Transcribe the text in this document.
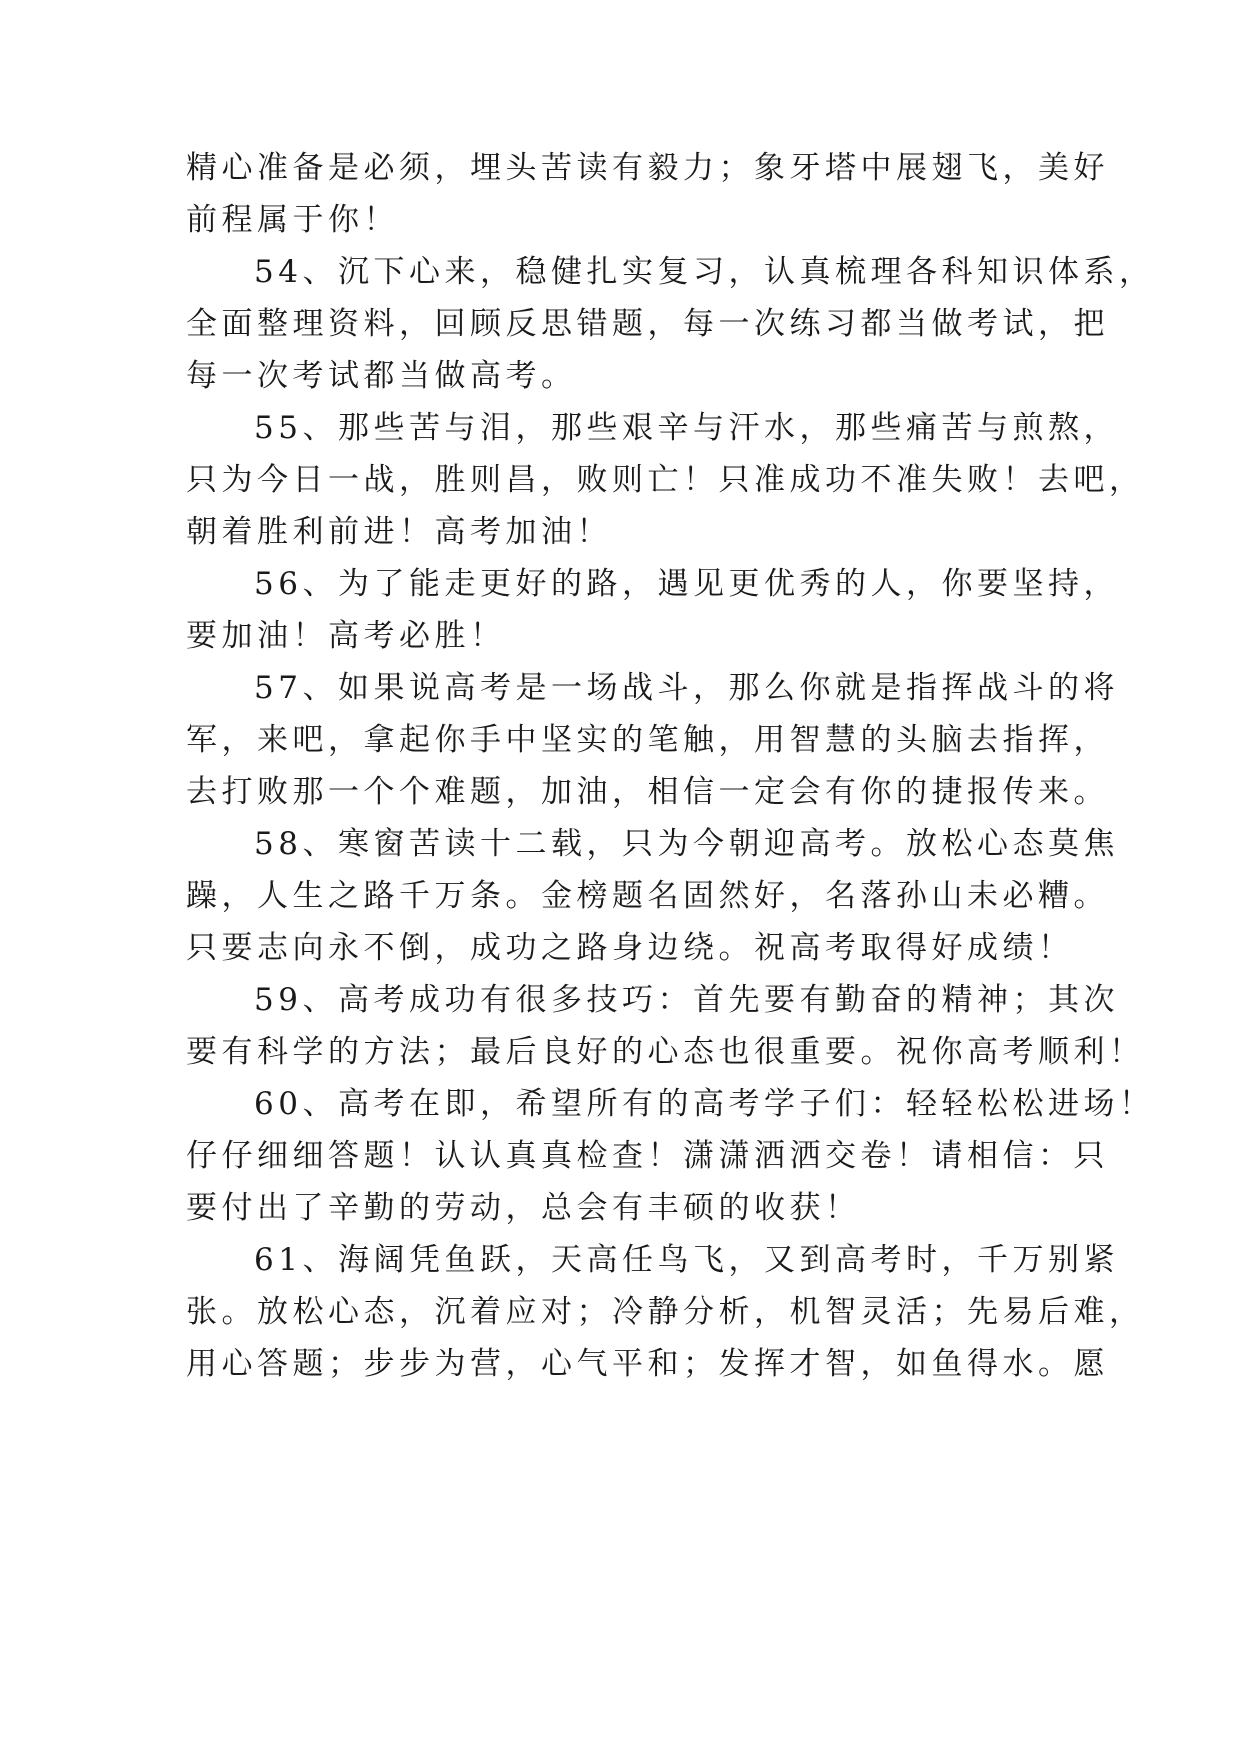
精心准备是必须，埋头苦读有毅力；象牙塔中展翅飞，美好
前程属于你！
54、沉下心来，稳健扎实复习，认真梳理各科知识体系，
全面整理资料，回顾反思错题，每一次练习都当做考试，把
每一次考试都当做高考。
55、那些苦与泪，那些艰辛与汗水，那些痛苦与煎熬，
只为今日一战，胜则昌，败则亡！只准成功不准失败！去吧，
朝着胜利前进！高考加油！
56、为了能走更好的路，遇见更优秀的人，你要坚持，
要加油！高考必胜！
57、如果说高考是一场战斗，那么你就是指挥战斗的将
军，来吧，拿起你手中坚实的笔触，用智慧的头脑去指挥，
去打败那一个个难题，加油，相信一定会有你的捷报传来。
58、寒窗苦读十二载，只为今朝迎高考。放松心态莫焦
躁，人生之路千万条。金榜题名固然好，名落孙山未必糟。
只要志向永不倒，成功之路身边绕。祝高考取得好成绩！
59、高考成功有很多技巧：首先要有勤奋的精神；其次
要有科学的方法；最后良好的心态也很重要。祝你高考顺利！
60、高考在即，希望所有的高考学子们：轻轻松松进场！
仔仔细细答题！认认真真检查！潇潇洒洒交卷！请相信：只
要付出了辛勤的劳动，总会有丰硕的收获！
61、海阔凭鱼跃，天高任鸟飞，又到高考时，千万别紧
张。放松心态，沉着应对；冷静分析，机智灵活；先易后难，
用心答题；步步为营，心气平和；发挥才智，如鱼得水。愿
